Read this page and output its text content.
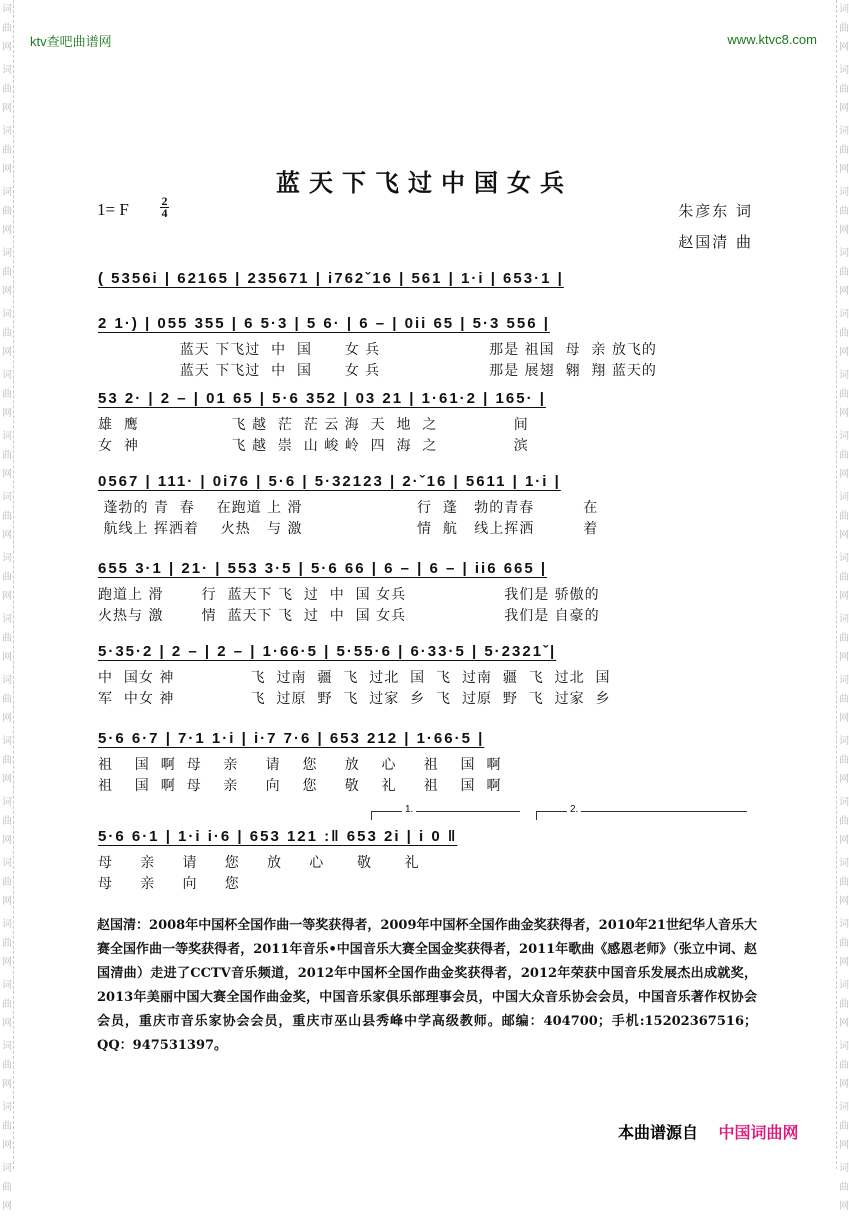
词
曲
网
词
曲
网
词
曲
网
词
曲
网
词
曲
网
词
曲
网
词
曲
网
词
曲
网
词
曲
网
词
曲
网
词
曲
网
词
曲
网
词
曲
网
词
曲
网
词
曲
网
词
曲
网
词
曲
网
词
曲
网
词
曲
网
词
曲
网
词
曲
网
词
曲
网
词
曲
网
词
曲
网
词
曲
网
词
曲
网
词
曲
网
词
曲
网
词
曲
网
词
曲
网
词
曲
网
词
曲
网
词
曲
网
词
曲
网
词
曲
网
词
曲
网
词
曲
网
词
曲
网
词
曲
网
词
曲
网
ktv查吧曲谱网	www.ktvc8.com
蓝天下飞过中国女兵
1= F	2
4	朱彦东 词
赵国清 曲
( 5356i | 62165 | 235671 | i762ˇ16 | 561 | 1·i | 653·1 |
2 1·) | 055 355 | 6 5·3 | 5 6· | 6 – | 0ii 65 | 5·3 556 |
蓝天 下飞过  中  国      女 兵                    那是 祖国  母  亲 放飞的
蓝天 下飞过  中  国      女 兵                    那是 展翅  翱  翔 蓝天的
53 2· | 2 – | 01 65 | 5·6 352 | 03 21 | 1·61·2 | 165· |
雄  鹰                 飞 越  茫  茫 云 海  天  地  之              间
女  神                 飞 越  崇  山 峻 岭  四  海  之              滨
0567 | 111· | 0i76 | 5·6 | 5·32123 | 2·ˇ16 | 5611 | 1·i |
蓬勃的 青  春    在跑道 上 滑                     行  蓬   勃的青春         在
航线上 挥洒着    火热   与 激                     情  航   线上挥洒         着
655 3·1 | 21· | 553 3·5 | 5·6 66 | 6 – | 6 – | ii6 665 |
跑道上 滑       行  蓝天下 飞  过  中  国 女兵                  我们是 骄傲的
火热与 激       情  蓝天下 飞  过  中  国 女兵                  我们是 自豪的
5·35·2 | 2 – | 2 – | 1·66·5 | 5·55·6 | 6·33·5 | 5·2321ˇ|
中  国女 神              飞  过南  疆  飞  过北  国  飞  过南  疆  飞  过北  国
军  中女 神              飞  过原  野  飞  过家  乡  飞  过原  野  飞  过家  乡
5·6 6·7 | 7·1 1·i | i·7 7·6 | 653 212 | 1·66·5 |
祖    国  啊  母    亲     请    您     放    心     祖    国  啊
祖    国  啊  母    亲     向    您     敬    礼     祖    国  啊
1.	2.
5·6 6·1 | 1·i i·6 | 653 121 :‖ 653 2i | i 0 ‖
母     亲     请     您     放     心      敬      礼
母     亲     向     您

赵国清：2008年中国杯全国作曲一等奖获得者，2009年中国杯全国作曲金奖获得者，2010年21世纪华人音乐大赛全国作曲一等奖获得者，2011年音乐•中国音乐大赛全国金奖获得者，2011年歌曲《感恩老师》（张立中词、赵国清曲）走进了CCTV音乐频道，2012年中国杯全国作曲金奖获得者，2012年荣获中国音乐发展杰出成就奖，2013年美丽中国大赛全国作曲金奖，中国音乐家俱乐部理事会员，中国大众音乐协会会员，中国音乐著作权协会会员，重庆市音乐家协会会员，重庆市巫山县秀峰中学高级教师。邮编：404700；手机:15202367516；QQ：947531397。

本曲谱源自 中国词曲网
